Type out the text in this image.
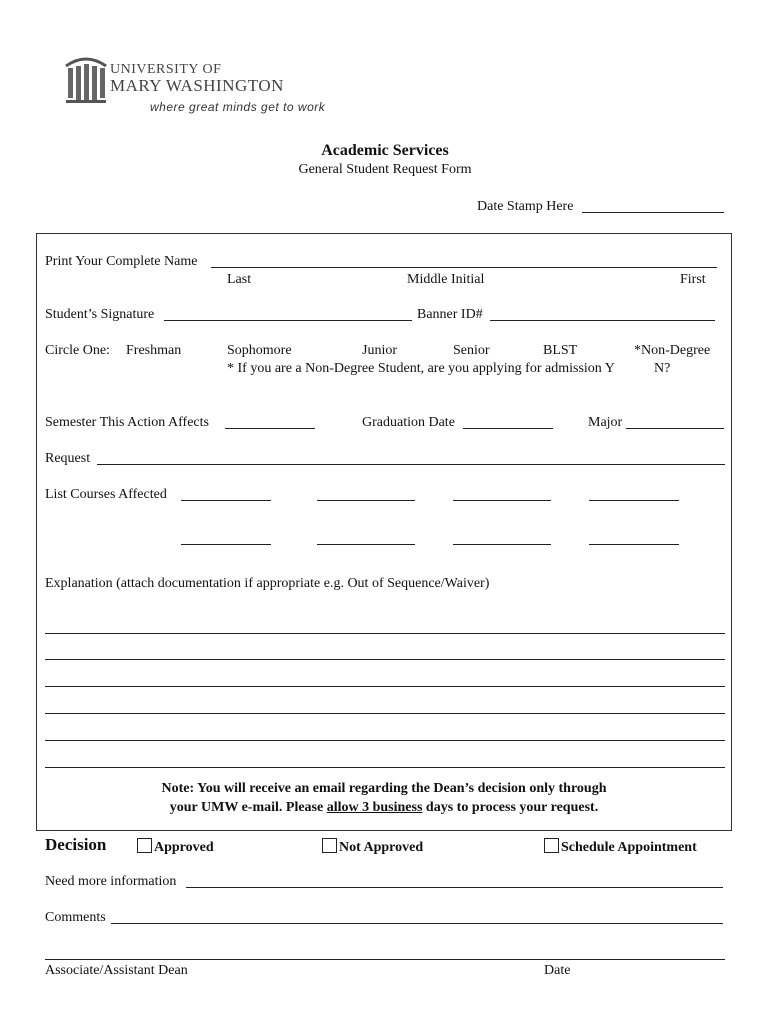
UNIVERSITY OF
MARY WASHINGTON
where great minds get to work
Academic Services
General Student Request Form
Date Stamp Here
Print Your Complete Name
Last	Middle Initial	First
Student’s Signature	Banner ID#
Circle One: Freshman	Sophomore	Junior	Senior	BLST	*Non-Degree
* If you are a Non-Degree Student, are you applying for admission Y	N?
Semester This Action Affects	Graduation Date	Major
Request
List Courses Affected
Explanation (attach documentation if appropriate e.g. Out of Sequence/Waiver)
Note: You will receive an email regarding the Dean’s decision only through
your UMW e-mail. Please allow 3 business days to process your request.
Decision	Approved	Not Approved	Schedule Appointment
Need more information
Comments
Associate/Assistant Dean	Date
